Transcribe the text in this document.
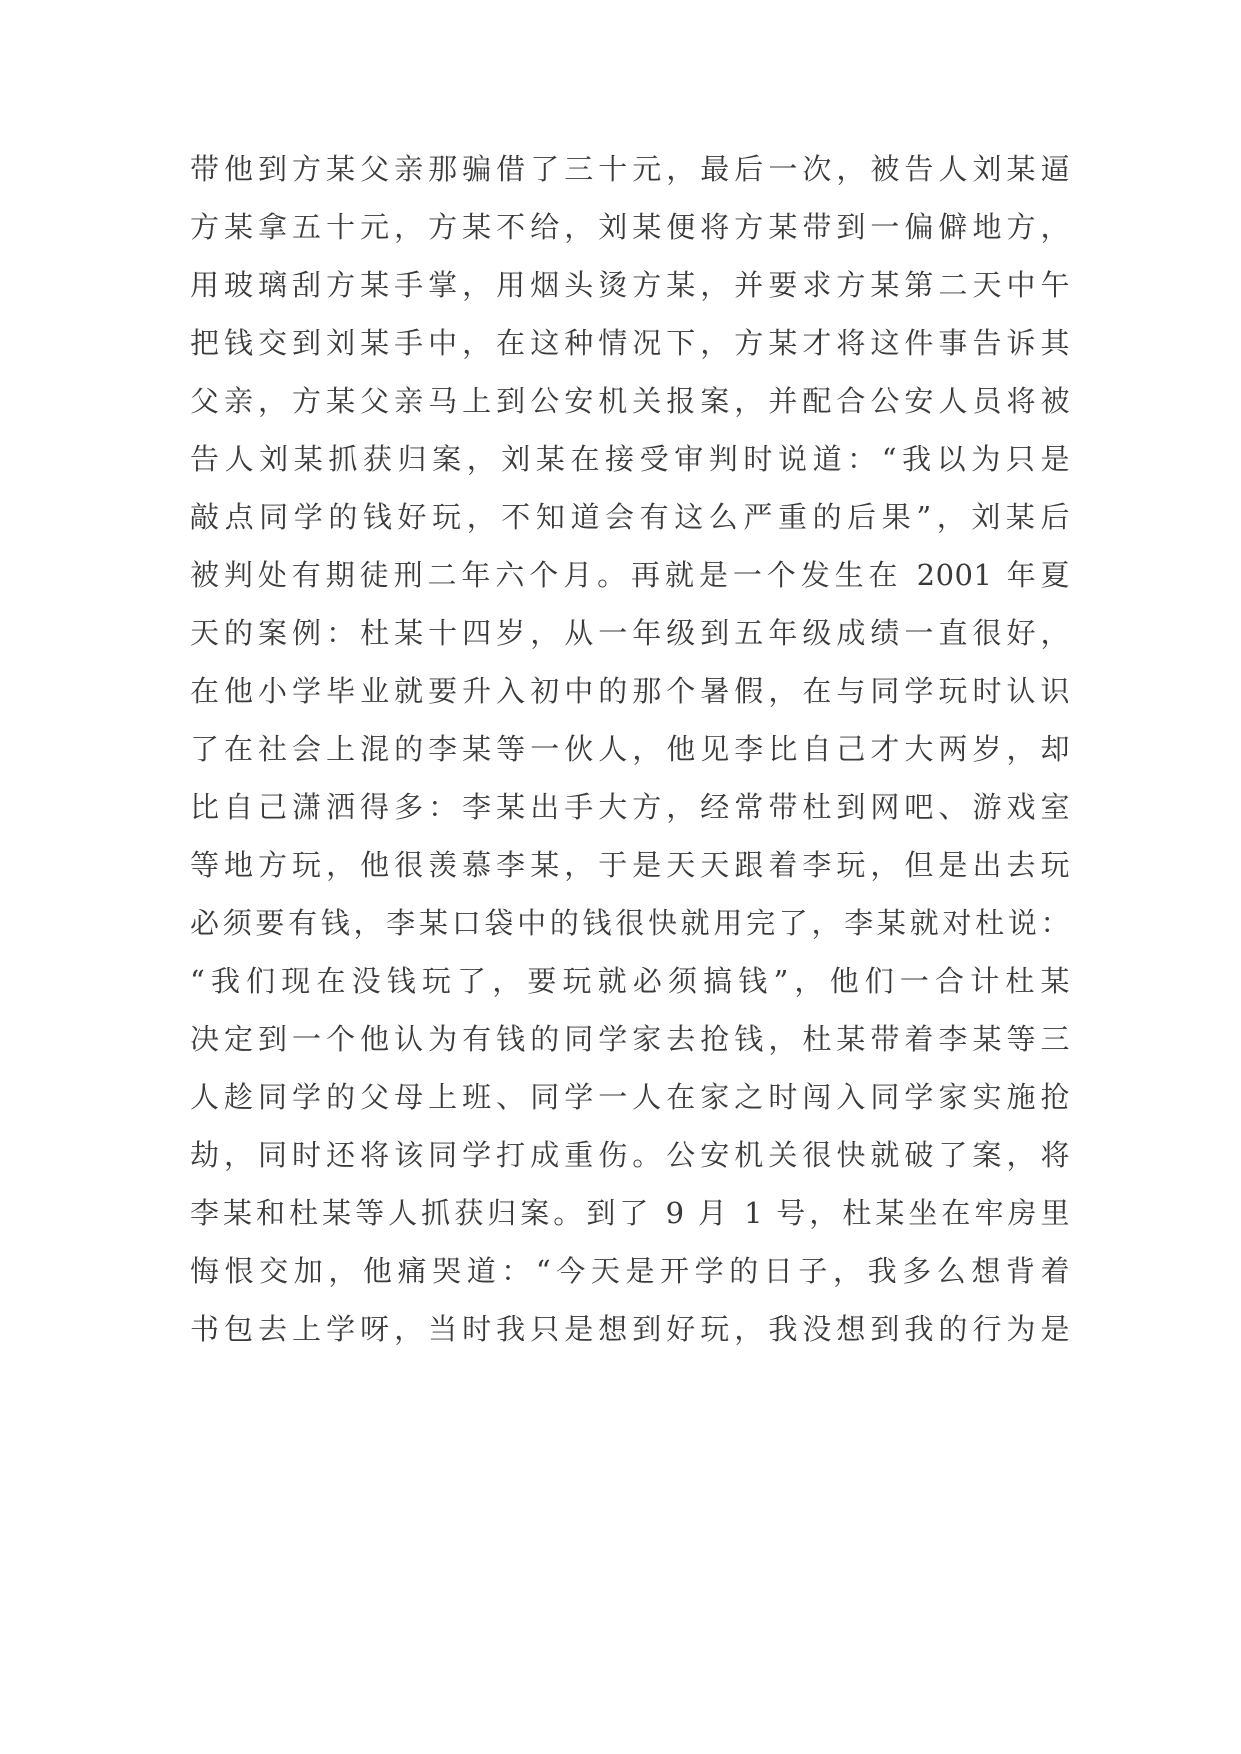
带他到方某父亲那骗借了三十元，最后一次，被告人刘某逼
方某拿五十元，方某不给，刘某便将方某带到一偏僻地方，
用玻璃刮方某手掌，用烟头烫方某，并要求方某第二天中午
把钱交到刘某手中，在这种情况下，方某才将这件事告诉其
父亲，方某父亲马上到公安机关报案，并配合公安人员将被
告人刘某抓获归案，刘某在接受审判时说道：“我以为只是
敲点同学的钱好玩，不知道会有这么严重的后果”，刘某后
被判处有期徒刑二年六个月。再就是一个发生在 2001 年夏
天的案例：杜某十四岁，从一年级到五年级成绩一直很好，
在他小学毕业就要升入初中的那个暑假，在与同学玩时认识
了在社会上混的李某等一伙人，他见李比自己才大两岁，却
比自己潇洒得多：李某出手大方，经常带杜到网吧、游戏室
等地方玩，他很羡慕李某，于是天天跟着李玩，但是出去玩
必须要有钱，李某口袋中的钱很快就用完了，李某就对杜说：
“我们现在没钱玩了，要玩就必须搞钱”，他们一合计杜某
决定到一个他认为有钱的同学家去抢钱，杜某带着李某等三
人趁同学的父母上班、同学一人在家之时闯入同学家实施抢
劫，同时还将该同学打成重伤。公安机关很快就破了案，将
李某和杜某等人抓获归案。到了 9 月 1 号，杜某坐在牢房里
悔恨交加，他痛哭道：“今天是开学的日子，我多么想背着
书包去上学呀，当时我只是想到好玩，我没想到我的行为是
